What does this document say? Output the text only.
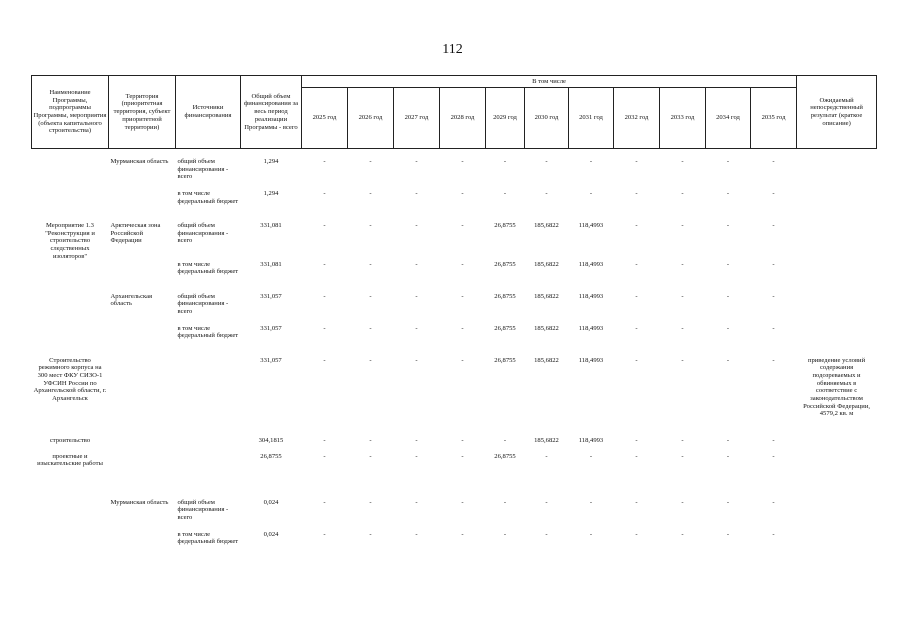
112
Наименование Программы, подпрограммы Программы, мероприятия (объекта капитального строительства)	Территория (приоритетная территория, субъект приоритетной территории)	Источники финансирования	Общий объем финансирования за весь период реализации Программы - всего	В том числе											Ожидаемый непосредственный результат (краткое описание)
				2025 год	2026 год	2027 год	2028 год	2029 год	2030 год	2031 год	2032 год	2033 год	2034 год	2035 год	
	Мурманская область	общий объем финансирования - всего	1,294	-	-	-	-	-	-	-	-	-	-	-	
		в том числе федеральный бюджет	1,294	-	-	-	-	-	-	-	-	-	-	-	
Мероприятие 1.3 "Реконструкция и строительство следственных изоляторов"	Арктическая зона Российской Федерации	общий объем финансирования - всего	331,081	-	-	-	-	26,8755	185,6822	118,4993	-	-	-	-	
		в том числе федеральный бюджет	331,081	-	-	-	-	26,8755	185,6822	118,4993	-	-	-	-	
	Архангельская область	общий объем финансирования - всего	331,057	-	-	-	-	26,8755	185,6822	118,4993	-	-	-	-	
		в том числе федеральный бюджет	331,057	-	-	-	-	26,8755	185,6822	118,4993	-	-	-	-	
Строительство режимного корпуса на 300 мест ФКУ СИЗО-1 УФСИН России по Архангельской области, г. Архангельск			331,057	-	-	-	-	26,8755	185,6822	118,4993	-	-	-	-	приведение условий содержания подозреваемых и обвиняемых в соответствие с законодательством Российской Федерации, 4579,2 кв. м
строительство			304,1815	-	-	-	-	-	185,6822	118,4993	-	-	-	-	
проектные и изыскательские работы			26,8755	-	-	-	-	26,8755	-	-	-	-	-	-	
	Мурманская область	общий объем финансирования - всего	0,024	-	-	-	-	-	-	-	-	-	-	-	
		в том числе федеральный бюджет	0,024	-	-	-	-	-	-	-	-	-	-	-	
